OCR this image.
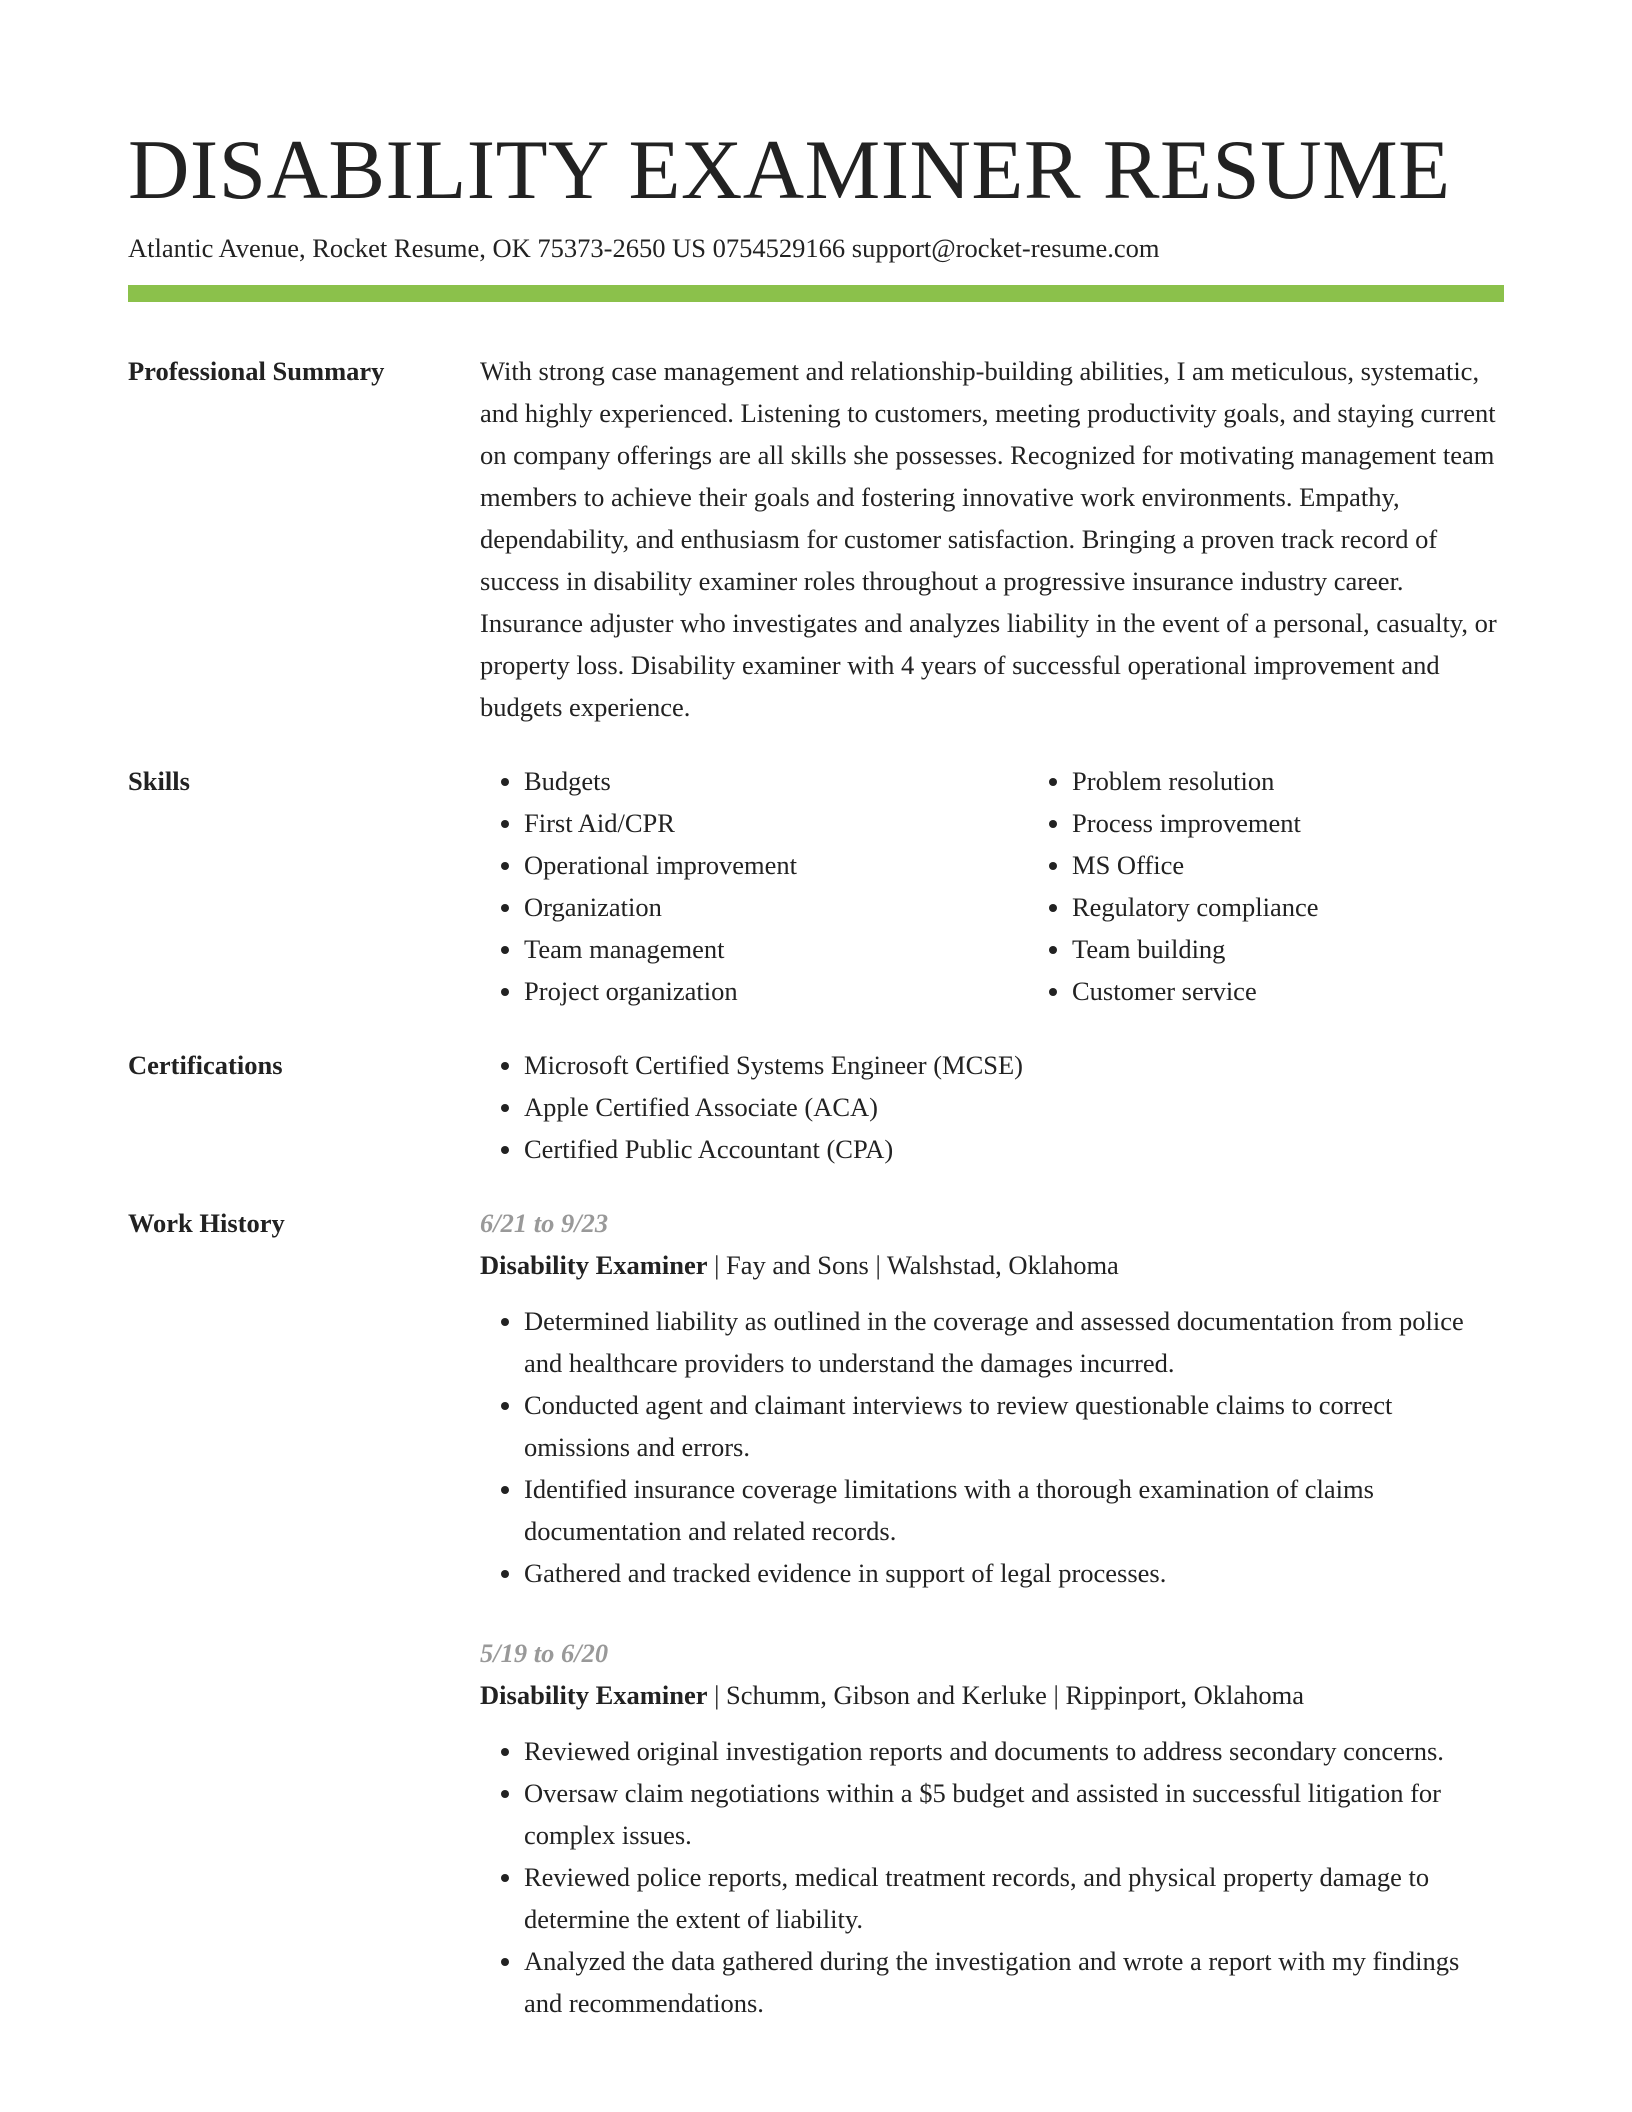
DISABILITY EXAMINER RESUME
Atlantic Avenue, Rocket Resume, OK 75373-2650 US 0754529166 support@rocket-resume.com
Professional Summary	With strong case management and relationship-building abilities, I am meticulous, systematic, and highly experienced. Listening to customers, meeting productivity goals, and staying current on company offerings are all skills she possesses. Recognized for motivating management team members to achieve their goals and fostering innovative work environments. Empathy, dependability, and enthusiasm for customer satisfaction. Bringing a proven track record of success in disability examiner roles throughout a progressive insurance industry career. Insurance adjuster who investigates and analyzes liability in the event of a personal, casualty, or property loss. Disability examiner with 4 years of successful operational improvement and budgets experience.

Skills	• Budgets
• First Aid/CPR
• Operational improvement
• Organization
• Team management
• Project organization
• Problem resolution
• Process improvement
• MS Office
• Regulatory compliance
• Team building
• Customer service
Certifications	• Microsoft Certified Systems Engineer (MCSE)
• Apple Certified Associate (ACA)
• Certified Public Accountant (CPA)
Work History	6/21 to 9/23
Disability Examiner | Fay and Sons | Walshstad, Oklahoma
• Determined liability as outlined in the coverage and assessed documentation from police and healthcare providers to understand the damages incurred.
• Conducted agent and claimant interviews to review questionable claims to correct omissions and errors.
• Identified insurance coverage limitations with a thorough examination of claims documentation and related records.
• Gathered and tracked evidence in support of legal processes.
5/19 to 6/20
Disability Examiner | Schumm, Gibson and Kerluke | Rippinport, Oklahoma
• Reviewed original investigation reports and documents to address secondary concerns.
• Oversaw claim negotiations within a $5 budget and assisted in successful litigation for complex issues.
• Reviewed police reports, medical treatment records, and physical property damage to determine the extent of liability.
• Analyzed the data gathered during the investigation and wrote a report with my findings and recommendations.
